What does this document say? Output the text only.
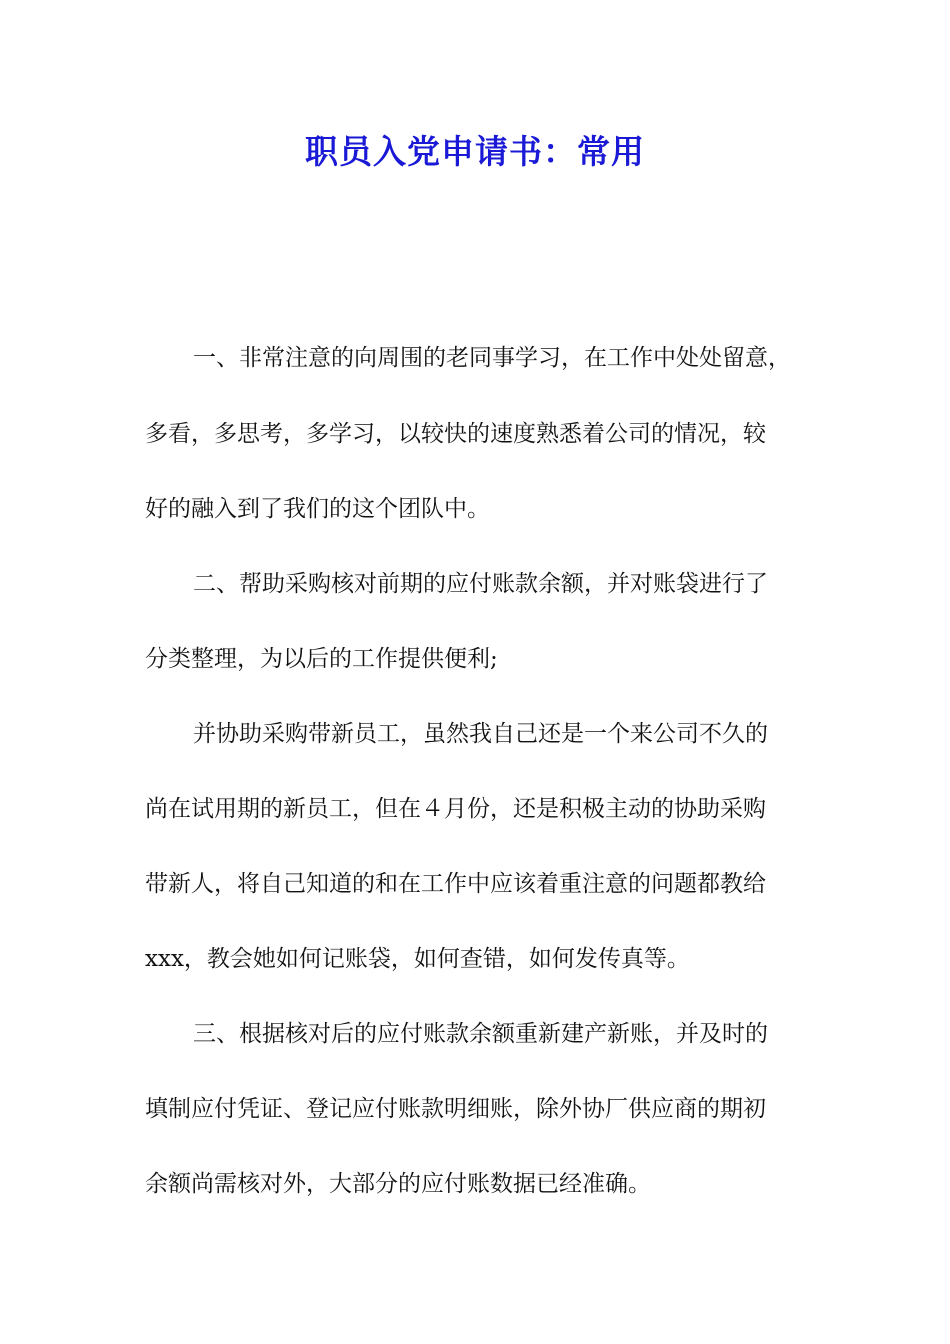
职员入党申请书：常用

一、非常注意的向周围的老同事学习，在工作中处处留意，

多看，多思考，多学习，以较快的速度熟悉着公司的情况，较

好的融入到了我们的这个团队中。

二、帮助采购核对前期的应付账款余额，并对账袋进行了

分类整理，为以后的工作提供便利;

并协助采购带新员工，虽然我自己还是一个来公司不久的

尚在试用期的新员工，但在４月份，还是积极主动的协助采购

带新人，将自己知道的和在工作中应该着重注意的问题都教给

xxx，教会她如何记账袋，如何查错，如何发传真等。

三、根据核对后的应付账款余额重新建产新账，并及时的

填制应付凭证、登记应付账款明细账，除外协厂供应商的期初

余额尚需核对外，大部分的应付账数据已经准确。
